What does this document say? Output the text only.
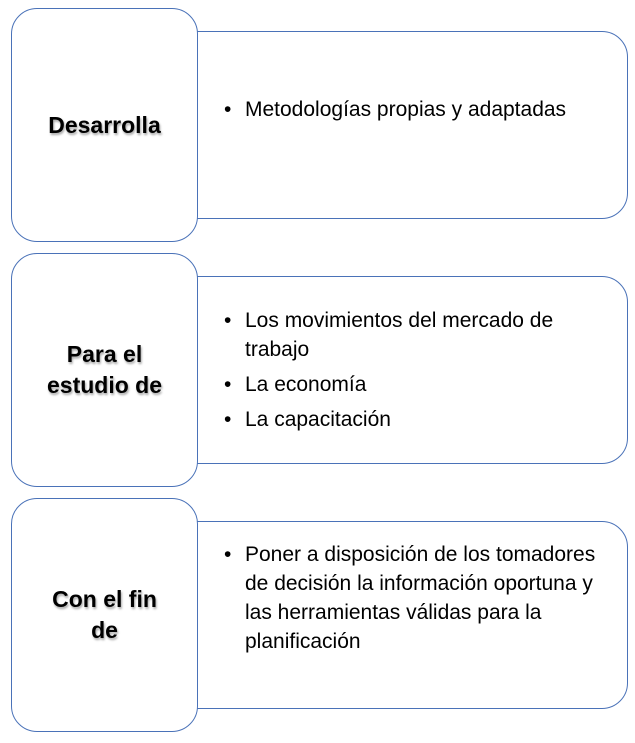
Desarrolla
• Metodologías propias y adaptadas
Para el
estudio de
• Los movimientos del mercado de trabajo
• La economía
• La capacitación
Con el fin
de
• Poner a disposición de los tomadores de decisión la información oportuna y las herramientas válidas para la planificación
